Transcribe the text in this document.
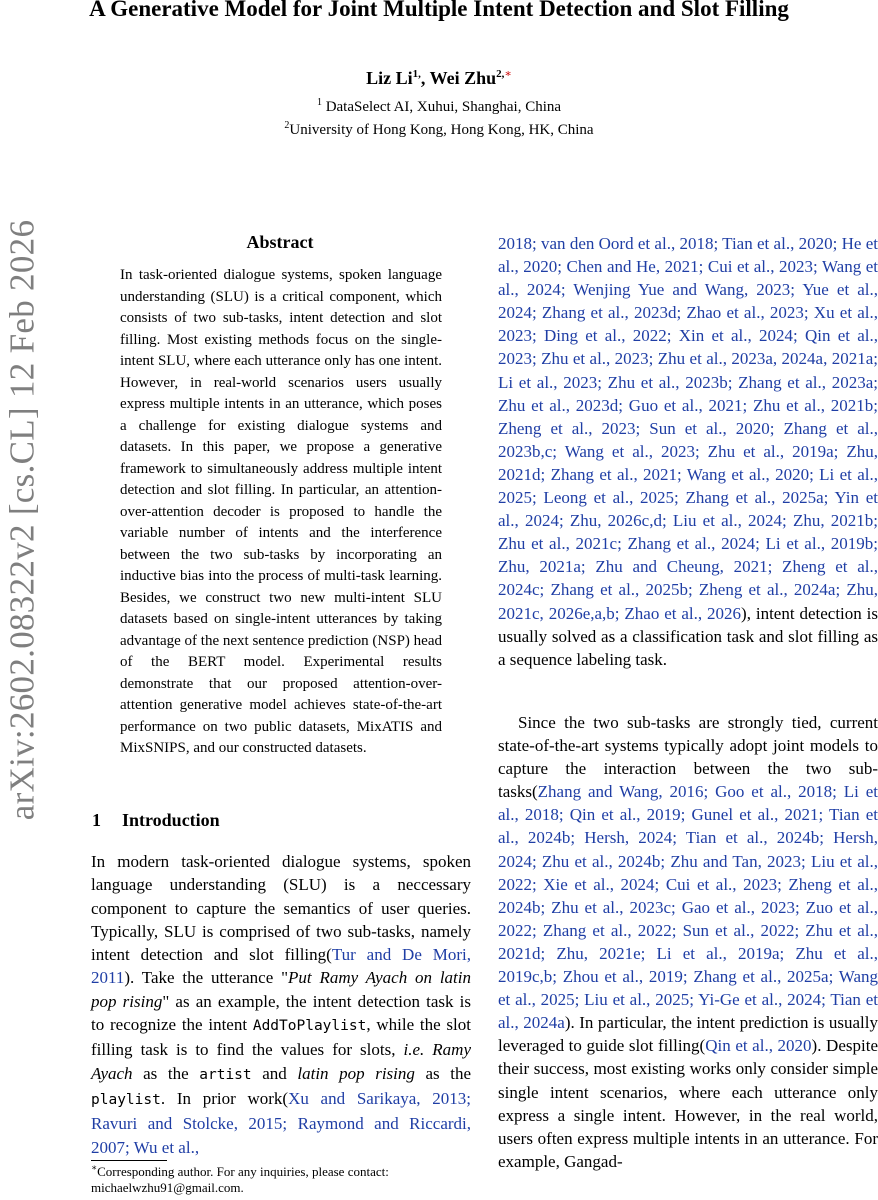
arXiv:2602.08322v2 [cs.CL] 12 Feb 2026
A Generative Model for Joint Multiple Intent Detection and Slot Filling
Liz $Li^{1,}$, Wei Zhu$^{2,∗}$
$^1$ DataSelect AI, Xuhui, Shanghai, China
$^2$University of Hong Kong, Hong Kong, HK, China
Abstract

In task-oriented dialogue systems, spoken language understanding (SLU) is a critical component, which consists of two sub-tasks, intent detection and slot filling. Most existing methods focus on the single-intent SLU, where each utterance only has one intent. However, in real-world scenarios users usually express multiple intents in an utterance, which poses a challenge for existing dialogue systems and datasets. In this paper, we propose a generative framework to simultaneously address multiple intent detection and slot filling. In particular, an attention-over-attention decoder is proposed to handle the variable number of intents and the interference between the two sub-tasks by incorporating an inductive bias into the process of multi-task learning. Besides, we construct two new multi-intent SLU datasets based on single-intent utterances by taking advantage of the next sentence prediction (NSP) head of the BERT model. Experimental results demonstrate that our proposed attention-over-attention generative model achieves state-of-the-art performance on two public datasets, MixATIS and MixSNIPS, and our constructed datasets.

1 Introduction

In modern task-oriented dialogue systems, spoken language understanding (SLU) is a neccessary component to capture the semantics of user queries. Typically, SLU is comprised of two sub-tasks, namely intent detection and slot filling(Tur and De Mori, 2011). Take the utterance "Put Ramy Ayach on latin pop rising" as an example, the intent detection task is to recognize the intent AddToPlaylist, while the slot filling task is to find the values for slots, i.e. Ramy Ayach as the artist and latin pop rising as the playlist. In prior work(Xu and Sarikaya, 2013; Ravuri and Stolcke, 2015; Raymond and Riccardi, 2007; Wu et al.,

2018; van den Oord et al., 2018; Tian et al., 2020; He et al., 2020; Chen and He, 2021; Cui et al., 2023; Wang et al., 2024; Wenjing Yue and Wang, 2023; Yue et al., 2024; Zhang et al., 2023d; Zhao et al., 2023; Xu et al., 2023; Ding et al., 2022; Xin et al., 2024; Qin et al., 2023; Zhu et al., 2023; Zhu et al., 2023a, 2024a, 2021a; Li et al., 2023; Zhu et al., 2023b; Zhang et al., 2023a; Zhu et al., 2023d; Guo et al., 2021; Zhu et al., 2021b; Zheng et al., 2023; Sun et al., 2020; Zhang et al., 2023b,c; Wang et al., 2023; Zhu et al., 2019a; Zhu, 2021d; Zhang et al., 2021; Wang et al., 2020; Li et al., 2025; Leong et al., 2025; Zhang et al., 2025a; Yin et al., 2024; Zhu, 2026c,d; Liu et al., 2024; Zhu, 2021b; Zhu et al., 2021c; Zhang et al., 2024; Li et al., 2019b; Zhu, 2021a; Zhu and Cheung, 2021; Zheng et al., 2024c; Zhang et al., 2025b; Zheng et al., 2024a; Zhu, 2021c, 2026e,a,b; Zhao et al., 2026), intent detection is usually solved as a classification task and slot filling as a sequence labeling task.

Since the two sub-tasks are strongly tied, current state-of-the-art systems typically adopt joint models to capture the interaction between the two sub-tasks(Zhang and Wang, 2016; Goo et al., 2018; Li et al., 2018; Qin et al., 2019; Gunel et al., 2021; Tian et al., 2024b; Hersh, 2024; Tian et al., 2024b; Hersh, 2024; Zhu et al., 2024b; Zhu and Tan, 2023; Liu et al., 2022; Xie et al., 2024; Cui et al., 2023; Zheng et al., 2024b; Zhu et al., 2023c; Gao et al., 2023; Zuo et al., 2022; Zhang et al., 2022; Sun et al., 2022; Zhu et al., 2021d; Zhu, 2021e; Li et al., 2019a; Zhu et al., 2019c,b; Zhou et al., 2019; Zhang et al., 2025a; Wang et al., 2025; Liu et al., 2025; Yi-Ge et al., 2024; Tian et al., 2024a). In particular, the intent prediction is usually leveraged to guide slot filling(Qin et al., 2020). Despite their success, most existing works only consider simple single intent scenarios, where each utterance only express a single intent. However, in the real world, users often express multiple intents in an utterance. For example, Gangad-

∗Corresponding author. For any inquiries, please contact: michaelwzhu91@gmail.com.
